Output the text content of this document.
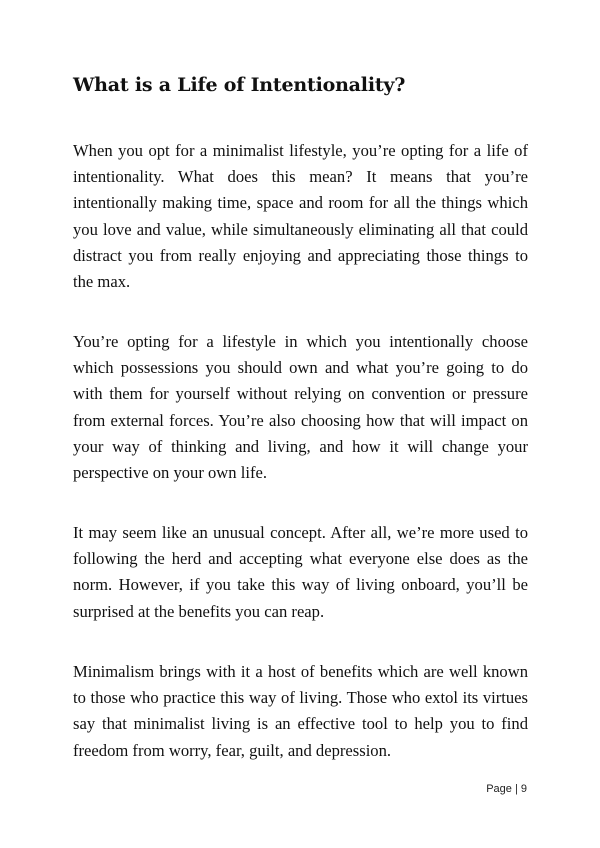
What is a Life of Intentionality?

When you opt for a minimalist lifestyle, you’re opting for a life of intentionality. What does this mean? It means that you’re intentionally making time, space and room for all the things which you love and value, while simultaneously eliminating all that could distract you from really enjoying and appreciating those things to the max.

You’re opting for a lifestyle in which you intentionally choose which possessions you should own and what you’re going to do with them for yourself without relying on convention or pressure from external forces. You’re also choosing how that will impact on your way of thinking and living, and how it will change your perspective on your own life.

It may seem like an unusual concept. After all, we’re more used to following the herd and accepting what everyone else does as the norm. However, if you take this way of living onboard, you’ll be surprised at the benefits you can reap.

Minimalism brings with it a host of benefits which are well known to those who practice this way of living. Those who extol its virtues say that minimalist living is an effective tool to help you to find freedom from worry, fear, guilt, and depression.

Page | 9
